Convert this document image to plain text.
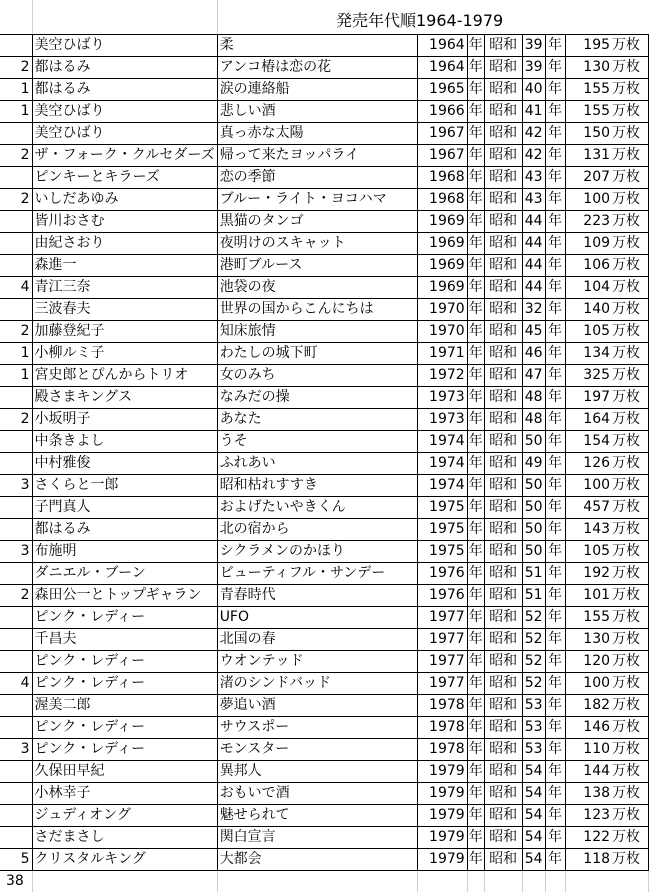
	美空ひばり	柔	1964	年	昭和	39	年	195	万枚
2	都はるみ	アンコ椿は恋の花	1964	年	昭和	39	年	130	万枚
1	都はるみ	涙の連絡船	1965	年	昭和	40	年	155	万枚
1	美空ひばり	悲しい酒	1966	年	昭和	41	年	155	万枚
	美空ひばり	真っ赤な太陽	1967	年	昭和	42	年	150	万枚
2	ザ・フォーク・クルセダーズ	帰って来たヨッパライ	1967	年	昭和	42	年	131	万枚
	ピンキーとキラーズ	恋の季節	1968	年	昭和	43	年	207	万枚
2	いしだあゆみ	ブルー・ライト・ヨコハマ	1968	年	昭和	43	年	100	万枚
	皆川おさむ	黒猫のタンゴ	1969	年	昭和	44	年	223	万枚
	由紀さおり	夜明けのスキャット	1969	年	昭和	44	年	109	万枚
	森進一	港町ブルース	1969	年	昭和	44	年	106	万枚
4	青江三奈	池袋の夜	1969	年	昭和	44	年	104	万枚
	三波春夫	世界の国からこんにちは	1970	年	昭和	32	年	140	万枚
2	加藤登紀子	知床旅情	1970	年	昭和	45	年	105	万枚
1	小柳ルミ子	わたしの城下町	1971	年	昭和	46	年	134	万枚
1	宮史郎とぴんからトリオ	女のみち	1972	年	昭和	47	年	325	万枚
	殿さまキングス	なみだの操	1973	年	昭和	48	年	197	万枚
2	小坂明子	あなた	1973	年	昭和	48	年	164	万枚
	中条きよし	うそ	1974	年	昭和	50	年	154	万枚
	中村雅俊	ふれあい	1974	年	昭和	49	年	126	万枚
3	さくらと一郎	昭和枯れすすき	1974	年	昭和	50	年	100	万枚
	子門真人	およげたいやきくん	1975	年	昭和	50	年	457	万枚
	都はるみ	北の宿から	1975	年	昭和	50	年	143	万枚
3	布施明	シクラメンのかほり	1975	年	昭和	50	年	105	万枚
	ダニエル・ブーン	ビューティフル・サンデー	1976	年	昭和	51	年	192	万枚
2	森田公一とトップギャラン	青春時代	1976	年	昭和	51	年	101	万枚
	ピンク・レディー	UFO	1977	年	昭和	52	年	155	万枚
	千昌夫	北国の春	1977	年	昭和	52	年	130	万枚
	ピンク・レディー	ウオンテッド	1977	年	昭和	52	年	120	万枚
4	ピンク・レディー	渚のシンドバッド	1977	年	昭和	52	年	100	万枚
	渥美二郎	夢追い酒	1978	年	昭和	53	年	182	万枚
	ピンク・レディー	サウスポー	1978	年	昭和	53	年	146	万枚
3	ピンク・レディー	モンスター	1978	年	昭和	53	年	110	万枚
	久保田早紀	異邦人	1979	年	昭和	54	年	144	万枚
	小林幸子	おもいで酒	1979	年	昭和	54	年	138	万枚
	ジュディオング	魅せられて	1979	年	昭和	54	年	123	万枚
	さだまさし	関白宣言	1979	年	昭和	54	年	122	万枚
5	クリスタルキング	大都会	1979	年	昭和	54	年	118	万枚
38									
発売年代順1964-1979
